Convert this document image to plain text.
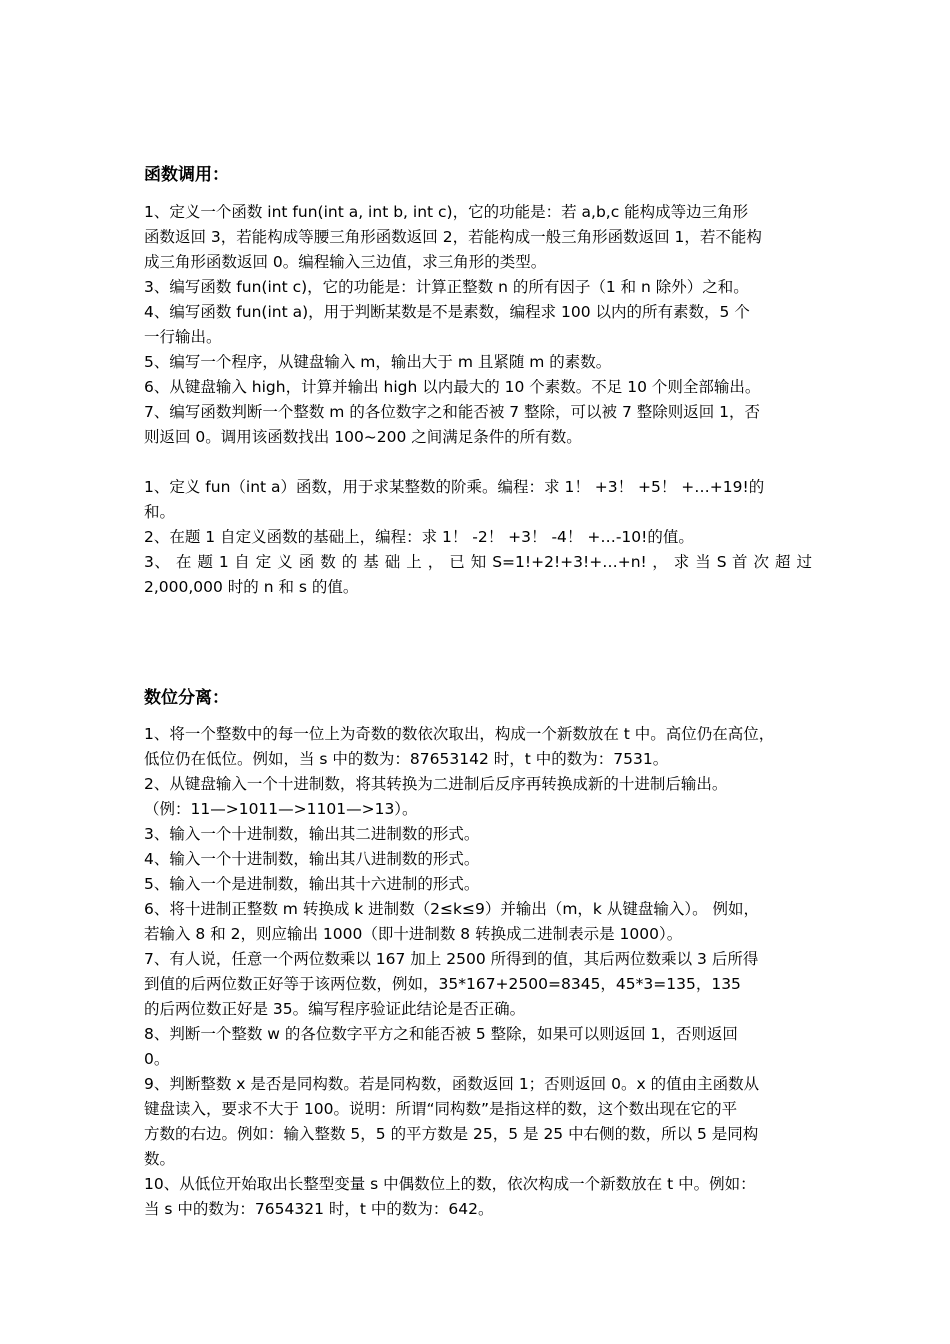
函数调用：

1、定义一个函数 int fun(int a, int b, int c)，它的功能是：若 a,b,c 能构成等边三角形
函数返回 3，若能构成等腰三角形函数返回 2，若能构成一般三角形函数返回 1，若不能构
成三角形函数返回 0。编程输入三边值，求三角形的类型。

3、编写函数 fun(int c)，它的功能是：计算正整数 n 的所有因子（1 和 n 除外）之和。

4、编写函数 fun(int a)，用于判断某数是不是素数，编程求 100 以内的所有素数，5 个
一行输出。

5、编写一个程序，从键盘输入 m，输出大于 m 且紧随 m 的素数。

6、从键盘输入 high，计算并输出 high 以内最大的 10 个素数。不足 10 个则全部输出。

7、编写函数判断一个整数 m 的各位数字之和能否被 7 整除，可以被 7 整除则返回 1，否
则返回 0。调用该函数找出 100~200 之间满足条件的所有数。

1、定义 fun（int a）函数，用于求某整数的阶乘。编程：求 1！ +3！ +5！ +…+19!的
和。

2、在题 1 自定义函数的基础上，编程：求 1！ -2！ +3！ -4！ +…-10!的值。

3、 在 题 1 自 定 义 函 数 的 基 础 上 ， 已 知 S=1!+2!+3!+…+n! ， 求 当 S 首 次 超 过
2,000,000 时的 n 和 s 的值。

数位分离：

1、将一个整数中的每一位上为奇数的数依次取出，构成一个新数放在 t 中。高位仍在高位，
低位仍在低位。例如，当 s 中的数为：87653142 时，t 中的数为：7531。

2、从键盘输入一个十进制数，将其转换为二进制后反序再转换成新的十进制后输出。
（例：11—>1011—>1101—>13）。

3、输入一个十进制数，输出其二进制数的形式。

4、输入一个十进制数，输出其八进制数的形式。

5、输入一个是进制数，输出其十六进制的形式。

6、将十进制正整数 m 转换成 k 进制数（2≤k≤9）并输出（m，k 从键盘输入）。 例如，
若输入 8 和 2，则应输出 1000（即十进制数 8 转换成二进制表示是 1000）。

7、有人说，任意一个两位数乘以 167 加上 2500 所得到的值，其后两位数乘以 3 后所得
到值的后两位数正好等于该两位数，例如，35*167+2500=8345，45*3=135，135
的后两位数正好是 35。编写程序验证此结论是否正确。

8、判断一个整数 w 的各位数字平方之和能否被 5 整除，如果可以则返回 1，否则返回
0。

9、判断整数 x 是否是同构数。若是同构数，函数返回 1；否则返回 0。x 的值由主函数从
键盘读入，要求不大于 100。说明：所谓“同构数”是指这样的数，这个数出现在它的平
方数的右边。例如：输入整数 5，5 的平方数是 25，5 是 25 中右侧的数，所以 5 是同构
数。

10、从低位开始取出长整型变量 s 中偶数位上的数，依次构成一个新数放在 t 中。例如：
当 s 中的数为：7654321 时，t 中的数为：642。
